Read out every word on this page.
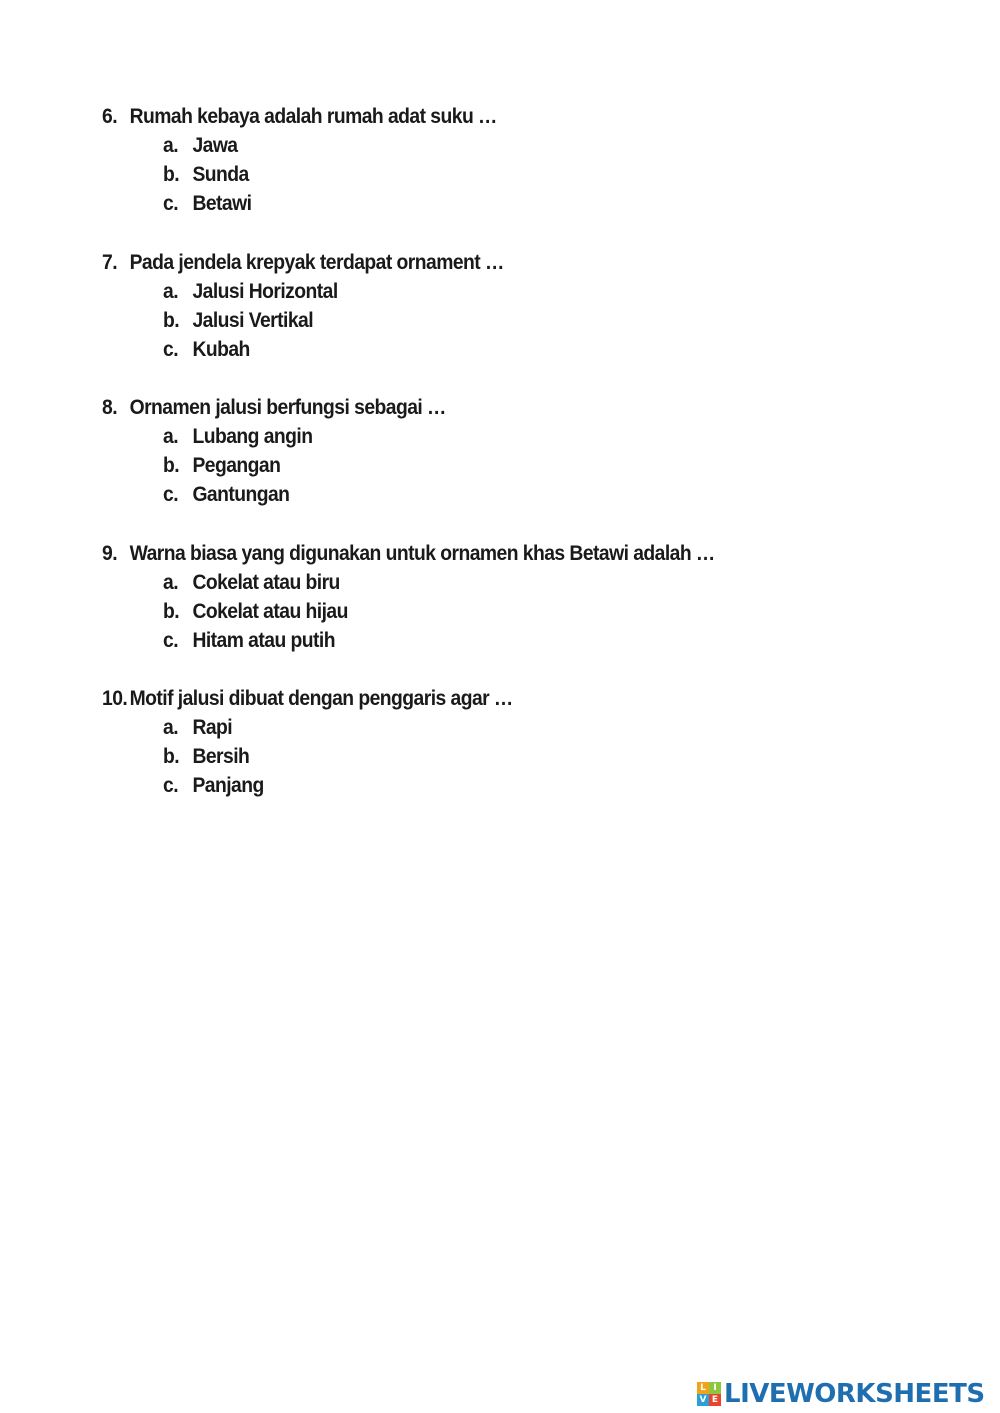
6. Rumah kebaya adalah rumah adat suku …
a. Jawa
b. Sunda
c. Betawi
7. Pada jendela krepyak terdapat ornament …
a. Jalusi Horizontal
b. Jalusi Vertikal
c. Kubah
8. Ornamen jalusi berfungsi sebagai …
a. Lubang angin
b. Pegangan
c. Gantungan
9. Warna biasa yang digunakan untuk ornamen khas Betawi adalah …
a. Cokelat atau biru
b. Cokelat atau hijau
c. Hitam atau putih
10. Motif jalusi dibuat dengan penggaris agar …
a. Rapi
b. Bersih
c. Panjang
L I
V E LIVEWORKSHEETS
